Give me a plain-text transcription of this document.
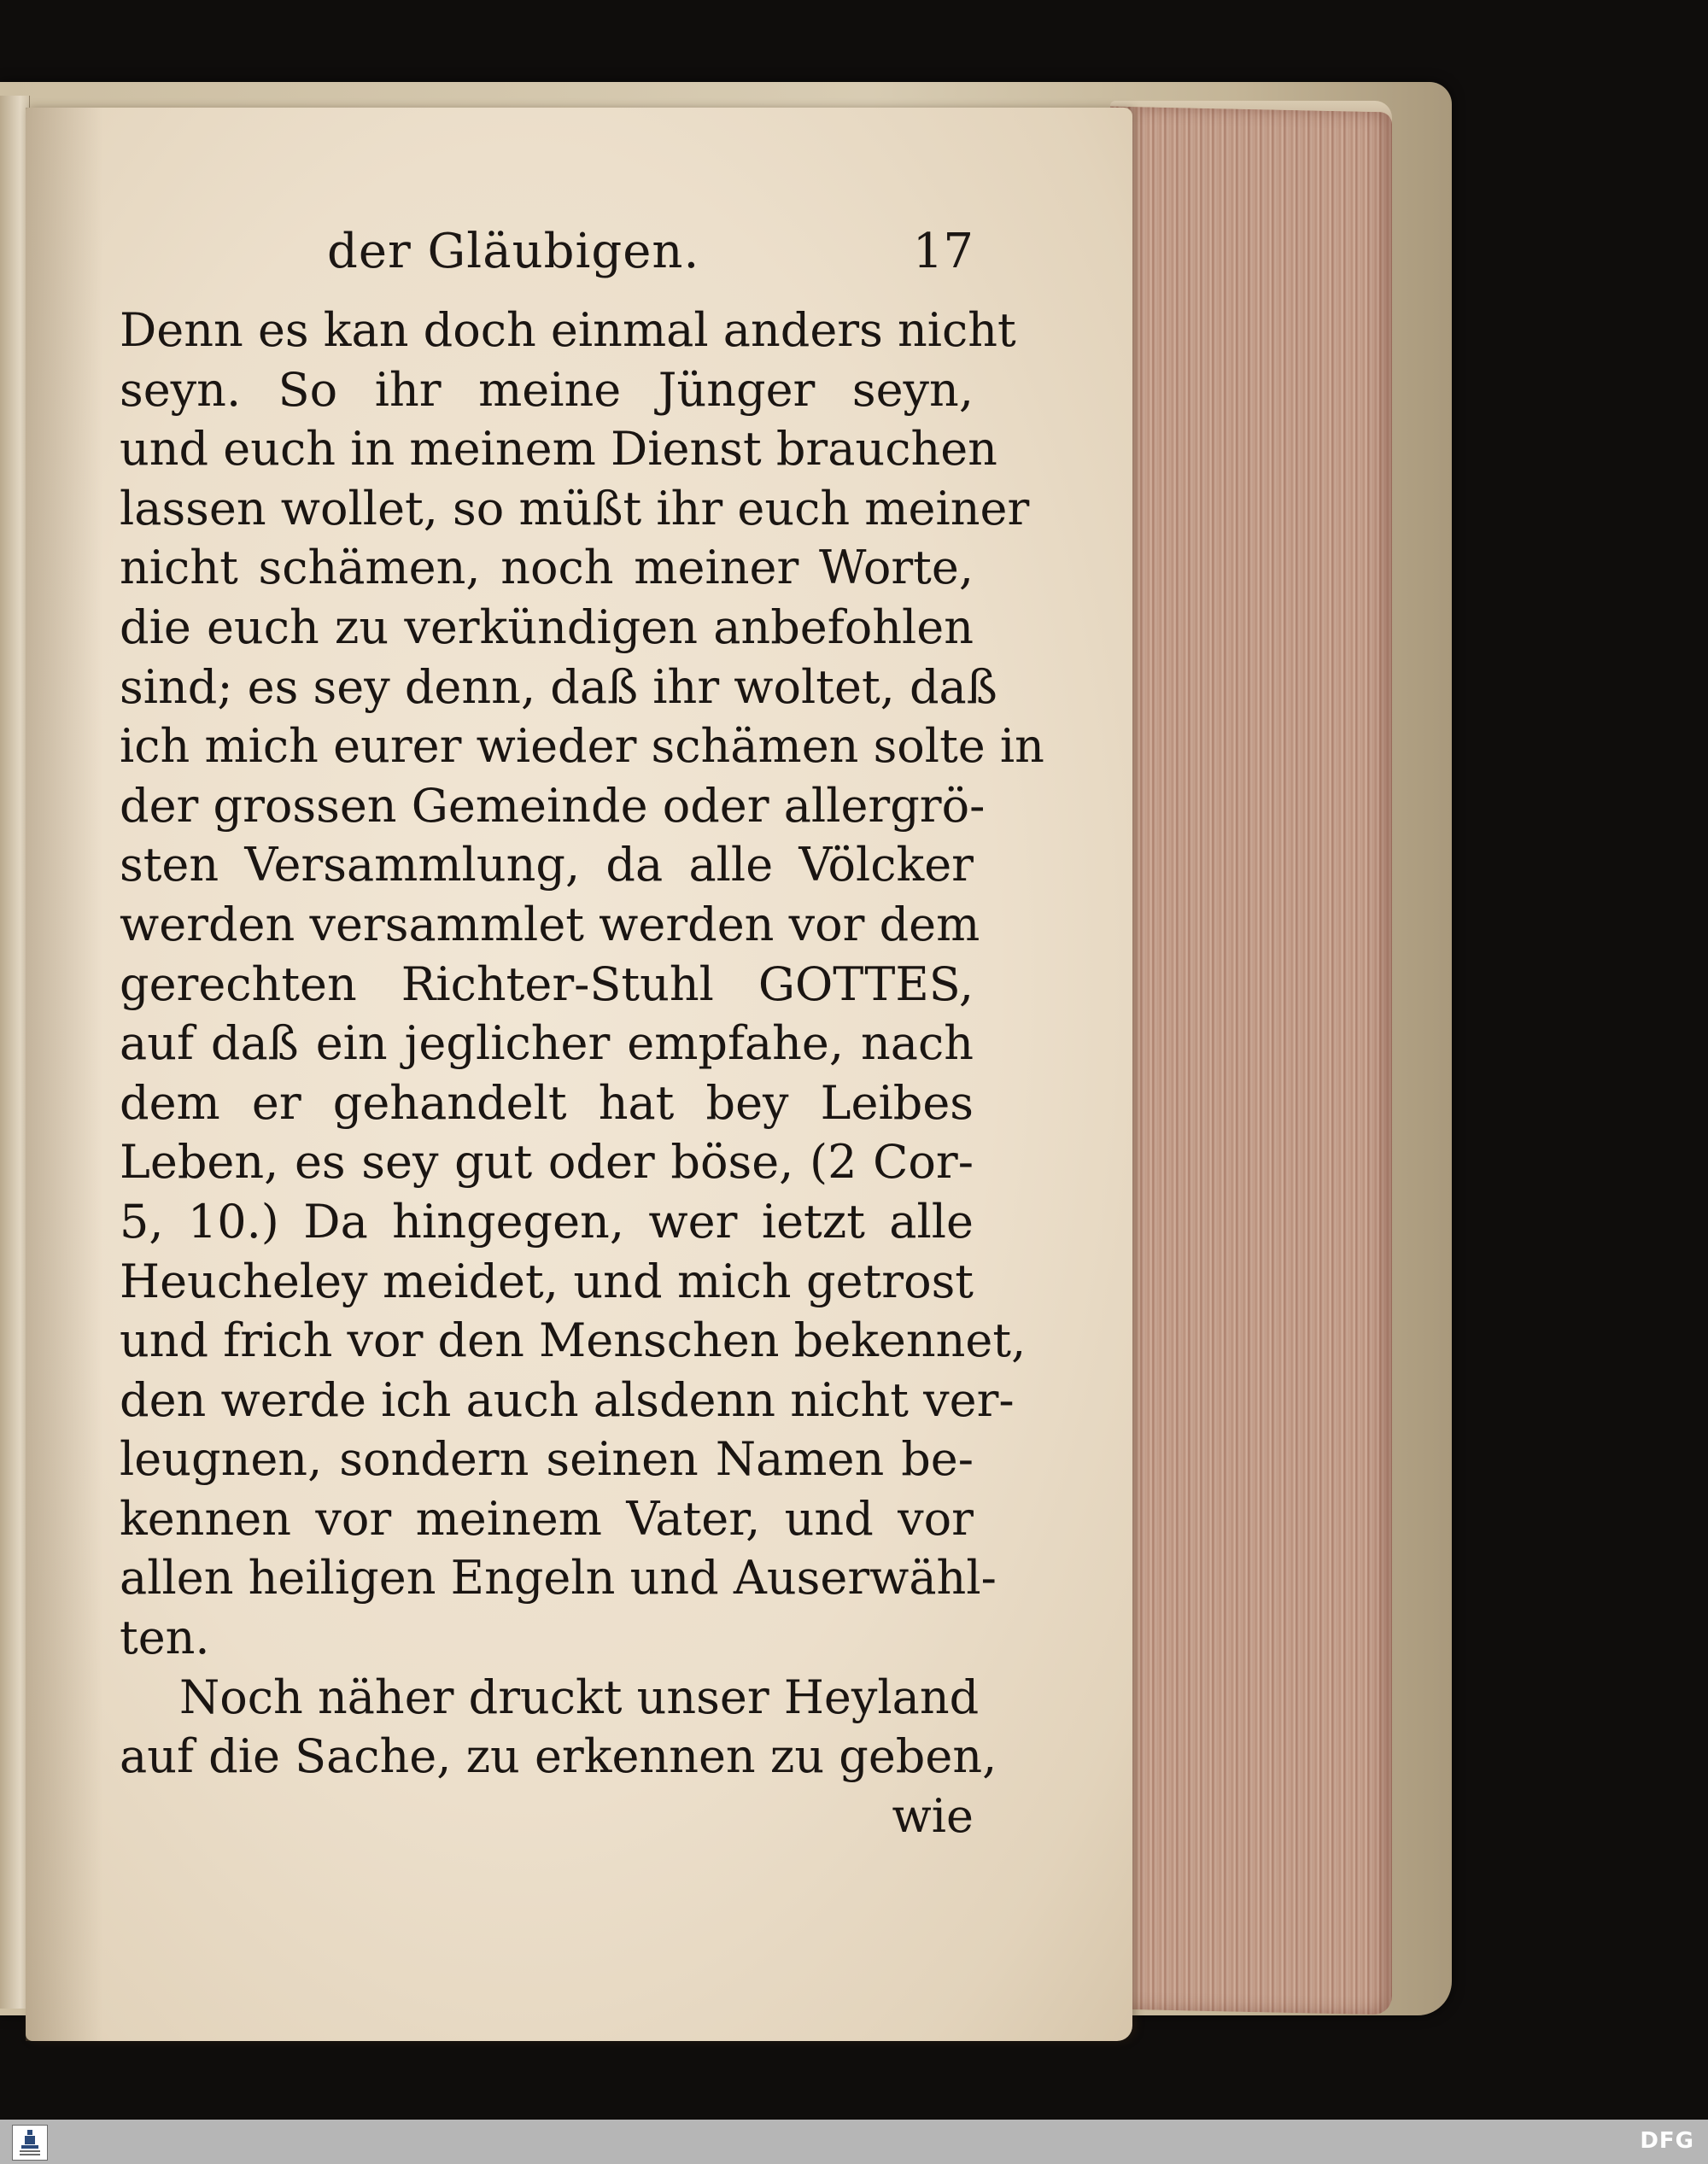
der Gläubigen.	17
Denn es kan doch einmal anders nicht
seyn. So ihr meine Jünger seyn,
und euch in meinem Dienst brauchen
lassen wollet, so müßt ihr euch meiner
nicht schämen, noch meiner Worte,
die euch zu verkündigen anbefohlen
sind; es sey denn, daß ihr woltet, daß
ich mich eurer wieder schämen solte in
der grossen Gemeinde oder allergrö-
sten Versammlung, da alle Völcker
werden versammlet werden vor dem
gerechten Richter-Stuhl GOTTES,
auf daß ein jeglicher empfahe, nach
dem er gehandelt hat bey Leibes
Leben, es sey gut oder böse, (2 Cor-
5, 10.) Da hingegen, wer ietzt alle
Heucheley meidet, und mich getrost
und frich vor den Menschen bekennet,
den werde ich auch alsdenn nicht ver-
leugnen, sondern seinen Namen be-
kennen vor meinem Vater, und vor
allen heiligen Engeln und Auserwähl-
ten.
Noch näher druckt unser Heyland
auf die Sache, zu erkennen zu geben,
wie
DFG
